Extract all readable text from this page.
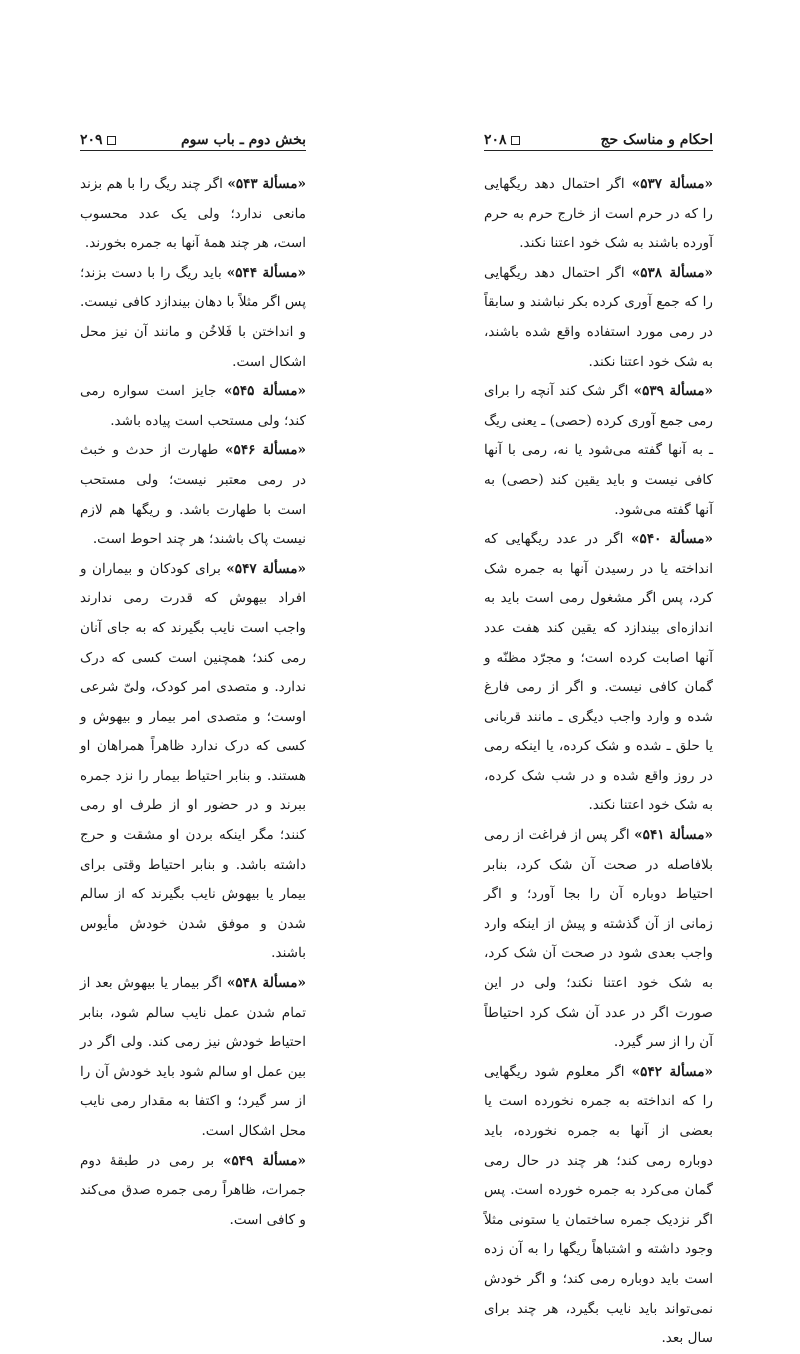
بخش دوم ـ باب سوم
۲۰۹

«مسألة ۵۴۳» اگر چند ریگ را با هم بزند مانعی ندارد؛ ولی یک عدد محسوب است، هر چند همهٔ آنها به جمره بخورند.

«مسألة ۵۴۴» باید ریگ را با دست بزند؛ پس اگر مثلاً با دهان بیندازد کافی نیست. و انداختن با فَلاخُن و مانند آن نیز محل اشکال است.

«مسألة ۵۴۵» جایز است سواره رمی کند؛ ولی مستحب است پیاده باشد.

«مسألة ۵۴۶» طهارت از حدث و خبث در رمی معتبر نیست؛ ولی مستحب است با طهارت باشد. و ریگها هم لازم نیست پاک باشند؛ هر چند احوط است.

«مسألة ۵۴۷» برای کودکان و بیماران و افراد بیهوش که قدرت رمی ندارند واجب است نایب بگیرند که به جای آنان رمی کند؛ همچنین است کسی که درک ندارد. و متصدی امر کودک، ولیّ شرعی اوست؛ و متصدی امر بیمار و بیهوش و کسی که درک ندارد ظاهراً همراهان او هستند. و بنابر احتیاط بیمار را نزد جمره ببرند و در حضور او از طرف او رمی کنند؛ مگر اینکه بردن او مشقت و حرج داشته باشد. و بنابر احتیاط وقتی برای بیمار یا بیهوش نایب بگیرند که از سالم شدن و موفق شدن خودش مأیوس باشند.

«مسألة ۵۴۸» اگر بیمار یا بیهوش بعد از تمام شدن عمل نایب سالم شود، بنابر احتیاط خودش نیز رمی کند. ولی اگر در بین عمل او سالم شود باید خودش آن را از سر گیرد؛ و اکتفا به مقدار رمی نایب محل اشکال است.

«مسألة ۵۴۹» بر رمی در طبقهٔ دوم جمرات، ظاهراً رمی جمره صدق می‌کند و کافی است.

احکام و مناسک حج
۲۰۸

«مسألة ۵۳۷» اگر احتمال دهد ریگهایی را که در حرم است از خارج حرم به حرم آورده باشند به شک خود اعتنا نکند.

«مسألة ۵۳۸» اگر احتمال دهد ریگهایی را که جمع آوری کرده بکر نباشند و سابقاً در رمی مورد استفاده واقع شده باشند، به شک خود اعتنا نکند.

«مسألة ۵۳۹» اگر شک کند آنچه را برای رمی جمع آوری کرده (حصی) ـ یعنی ریگ ـ به آنها گفته می‌شود یا نه، رمی با آنها کافی نیست و باید یقین کند (حصی) به آنها گفته می‌شود.

«مسألة ۵۴۰» اگر در عدد ریگهایی که انداخته یا در رسیدن آنها به جمره شک کرد، پس اگر مشغول رمی است باید به اندازه‌ای بیندازد که یقین کند هفت عدد آنها اصابت کرده است؛ و مجرّد مظنّه و گمان کافی نیست. و اگر از رمی فارغ شده و وارد واجب دیگری ـ مانند قربانی یا حلق ـ شده و شک کرده، یا اینکه رمی در روز واقع شده و در شب شک کرده، به شک خود اعتنا نکند.

«مسألة ۵۴۱» اگر پس از فراغت از رمی بلافاصله در صحت آن شک کرد، بنابر احتیاط دوباره آن را بجا آورد؛ و اگر زمانی از آن گذشته و پیش از اینکه وارد واجب بعدی شود در صحت آن شک کرد، به شک خود اعتنا نکند؛ ولی در این صورت اگر در عدد آن شک کرد احتیاطاً آن را از سر گیرد.

«مسألة ۵۴۲» اگر معلوم شود ریگهایی را که انداخته به جمره نخورده است یا بعضی از آنها به جمره نخورده، باید دوباره رمی کند؛ هر چند در حال رمی گمان می‌کرد به جمره خورده است. پس اگر نزدیک جمره ساختمان یا ستونی مثلاً وجود داشته و اشتباهاً ریگها را به آن زده است باید دوباره رمی کند؛ و اگر خودش نمی‌تواند باید نایب بگیرد، هر چند برای سال بعد.
